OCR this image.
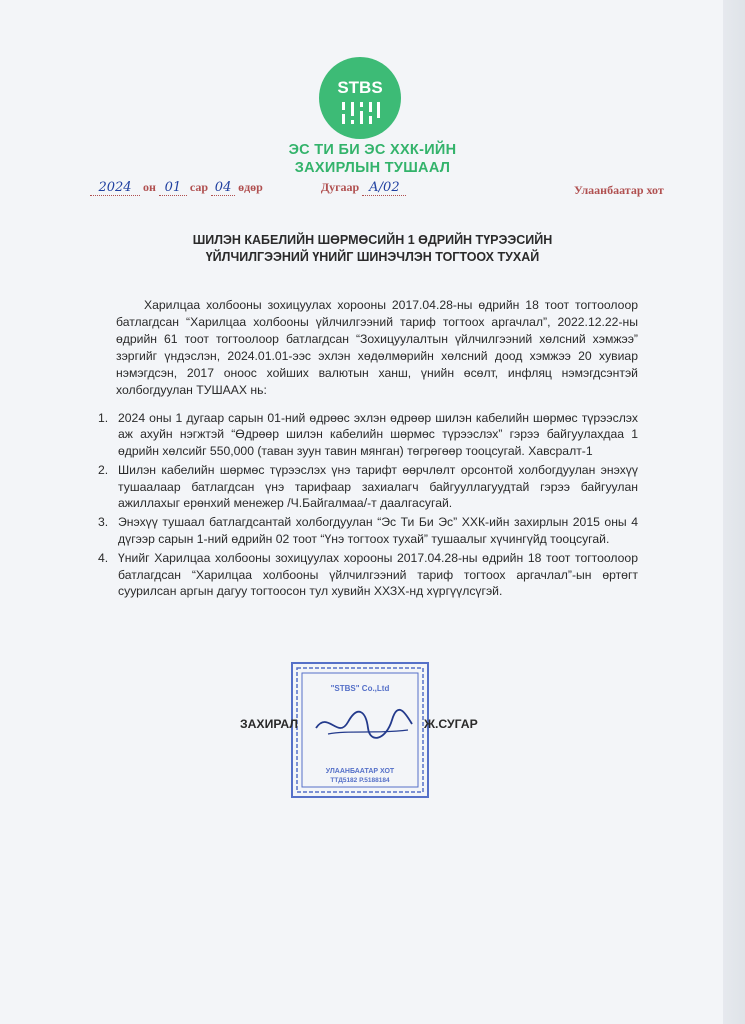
STBS
ЭС ТИ БИ ЭС ХХК-ИЙН
ЗАХИРЛЫН ТУШААЛ
2024 он 01 сар 04 өдөр	Дугаар А/02	Улаанбаатар хот
ШИЛЭН КАБЕЛИЙН ШӨРМӨСИЙН 1 ӨДРИЙН ТҮРЭЭСИЙН
ҮЙЛЧИЛГЭЭНИЙ ҮНИЙГ ШИНЭЧЛЭН ТОГТООХ ТУХАЙ
Харилцаа холбооны зохицуулах хорооны 2017.04.28-ны өдрийн 18 тоот тогтоолоор батлагдсан “Харилцаа холбооны үйлчилгээний тариф тогтоох аргачлал”, 2022.12.22-ны өдрийн 61 тоот тогтоолоор батлагдсан “Зохицуулалтын үйлчилгээний хөлсний хэмжээ” зэргийг үндэслэн, 2024.01.01-ээс эхлэн хөдөлмөрийн хөлсний доод хэмжээ 20 хувиар нэмэгдсэн, 2017 оноос хойших валютын ханш, үнийн өсөлт, инфляц нэмэгдсэнтэй холбогдуулан ТУШААХ нь:
1. 2024 оны 1 дугаар сарын 01-ний өдрөөс эхлэн өдрөөр шилэн кабелийн шөрмөс түрээслэх аж ахуйн нэгжтэй “Өдрөөр шилэн кабелийн шөрмөс түрээслэх” гэрээ байгуулахдаа 1 өдрийн хөлсийг 550,000 (таван зуун тавин мянган) төгрөгөөр тооцсугай. Хавсралт-1
2. Шилэн кабелийн шөрмөс түрээслэх үнэ тарифт өөрчлөлт орсонтой холбогдуулан энэхүү тушаалаар батлагдсан үнэ тарифаар захиалагч байгууллагуудтай гэрээ байгуулан ажиллахыг ерөнхий менежер /Ч.Байгалмаа/-т даалгасугай.
3. Энэхүү тушаал батлагдсантай холбогдуулан “Эс Ти Би Эс” ХХК-ийн захирлын 2015 оны 4 дүгээр сарын 1-ний өдрийн 02 тоот “Үнэ тогтоох тухай” тушаалыг хүчингүйд тооцсугай.
4. Үнийг Харилцаа холбооны зохицуулах хорооны 2017.04.28-ны өдрийн 18 тоот тогтоолоор батлагдсан “Харилцаа холбооны үйлчилгээний тариф тогтоох аргачлал”-ын өртөгт суурилсан аргын дагуу тогтоосон тул хувийн ХХЗХ-нд хүргүүлсүгэй.
"STBS" Co.,Ltd
УЛААНБААТАР ХОТ
ТТД5182 Р.5188184
ЗАХИРАЛ	Ж.СУГАР
